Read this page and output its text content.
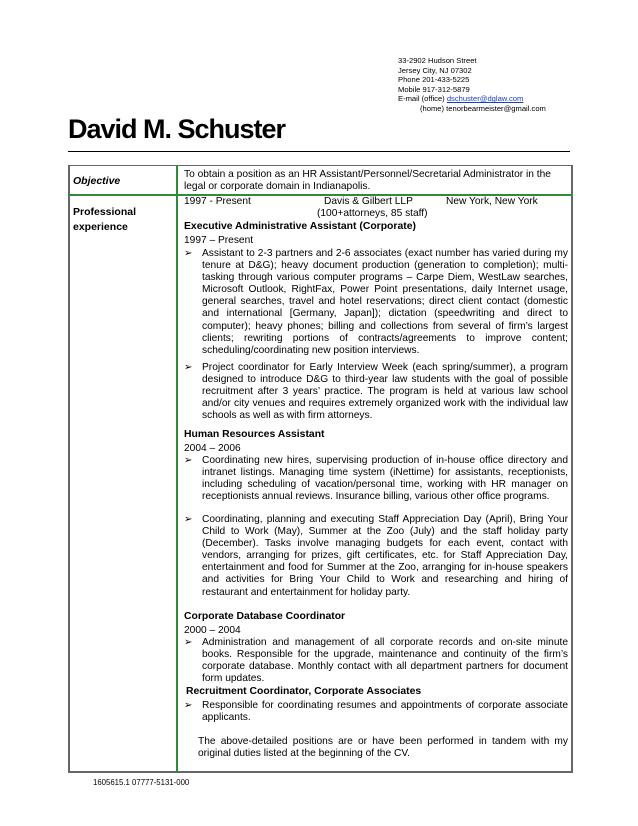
33-2902 Hudson Street
Jersey City, NJ 07302
Phone 201-433-5225
Mobile 917-312-5879
E-mail (office) dschuster@dglaw.com
(home) tenorbearmeister@gmail.com
David M. Schuster
Objective
Professional experience
To obtain a position as an HR Assistant/Personnel/Secretarial Administrator in the legal or corporate domain in Indianapolis.
1997 - Present	Davis & Gilbert LLP	New York, New York
(100+attorneys, 85 staff)
Executive Administrative Assistant (Corporate)
1997 – Present
➢ Assistant to 2-3 partners and 2-6 associates (exact number has varied during my tenure at D&G); heavy document production (generation to completion); multi-tasking through various computer programs – Carpe Diem, WestLaw searches, Microsoft Outlook, RightFax, Power Point presentations, daily Internet usage, general searches, travel and hotel reservations; direct client contact (domestic and international [Germany, Japan]); dictation (speedwriting and direct to computer); heavy phones; billing and collections from several of firm’s largest clients; rewriting portions of contracts/agreements to improve content; scheduling/coordinating new position interviews.
➢ Project coordinator for Early Interview Week (each spring/summer), a program designed to introduce D&G to third-year law students with the goal of possible recruitment after 3 years’ practice. The program is held at various law school and/or city venues and requires extremely organized work with the individual law schools as well as with firm attorneys.
Human Resources Assistant
2004 – 2006
➢ Coordinating new hires, supervising production of in-house office directory and intranet listings. Managing time system (iNettime) for assistants, receptionists, including scheduling of vacation/personal time, working with HR manager on receptionists annual reviews. Insurance billing, various other office programs.
➢ Coordinating, planning and executing Staff Appreciation Day (April), Bring Your Child to Work (May), Summer at the Zoo (July) and the staff holiday party (December). Tasks involve managing budgets for each event, contact with vendors, arranging for prizes, gift certificates, etc. for Staff Appreciation Day, entertainment and food for Summer at the Zoo, arranging for in-house speakers and activities for Bring Your Child to Work and researching and hiring of restaurant and entertainment for holiday party.
Corporate Database Coordinator
2000 – 2004
➢ Administration and management of all corporate records and on-site minute books. Responsible for the upgrade, maintenance and continuity of the firm’s corporate database. Monthly contact with all department partners for document form updates.
Recruitment Coordinator, Corporate Associates
➢ Responsible for coordinating resumes and appointments of corporate associate applicants.
The above-detailed positions are or have been performed in tandem with my original duties listed at the beginning of the CV.
1605615.1 07777-5131-000
